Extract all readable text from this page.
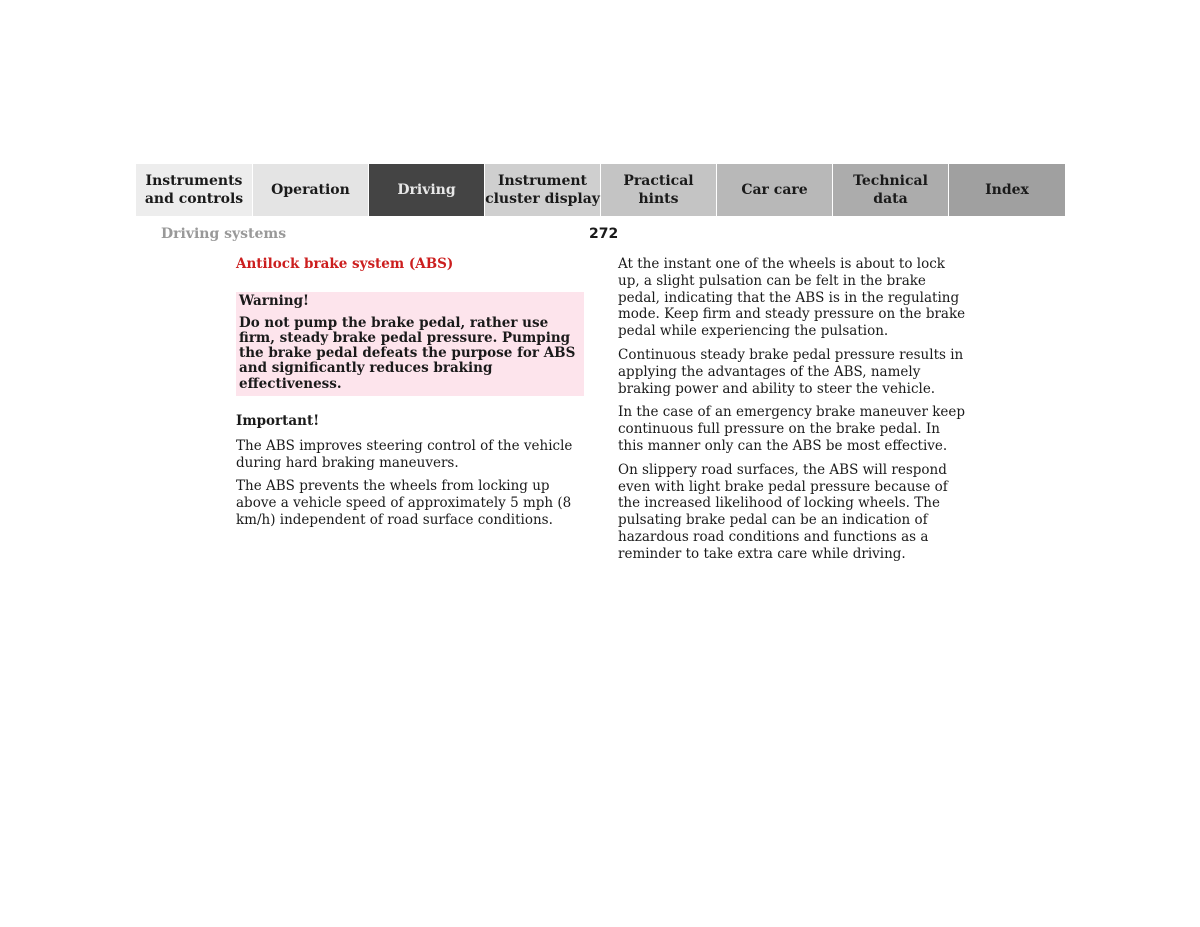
Instruments
and controls
Operation	Driving
Instrument
cluster display
Practical hints
Car care
Technical
data
Index
Driving systems	272
Antilock brake system (ABS)
Warning!
Do not pump the brake pedal, rather use firm, steady brake pedal pressure. Pumping the brake pedal defeats the purpose for ABS and significantly reduces braking effectiveness.
Important!

The ABS improves steering control of the vehicle during hard braking maneuvers.

The ABS prevents the wheels from locking up above a vehicle speed of approximately 5 mph (8 km/h) independent of road surface conditions.

At the instant one of the wheels is about to lock up, a slight pulsation can be felt in the brake pedal, indicating that the ABS is in the regulating mode. Keep firm and steady pressure on the brake pedal while experiencing the pulsation.

Continuous steady brake pedal pressure results in applying the advantages of the ABS, namely braking power and ability to steer the vehicle.

In the case of an emergency brake maneuver keep continuous full pressure on the brake pedal. In this manner only can the ABS be most effective.

On slippery road surfaces, the ABS will respond even with light brake pedal pressure because of the increased likelihood of locking wheels. The pulsating brake pedal can be an indication of hazardous road conditions and functions as a reminder to take extra care while driving.
